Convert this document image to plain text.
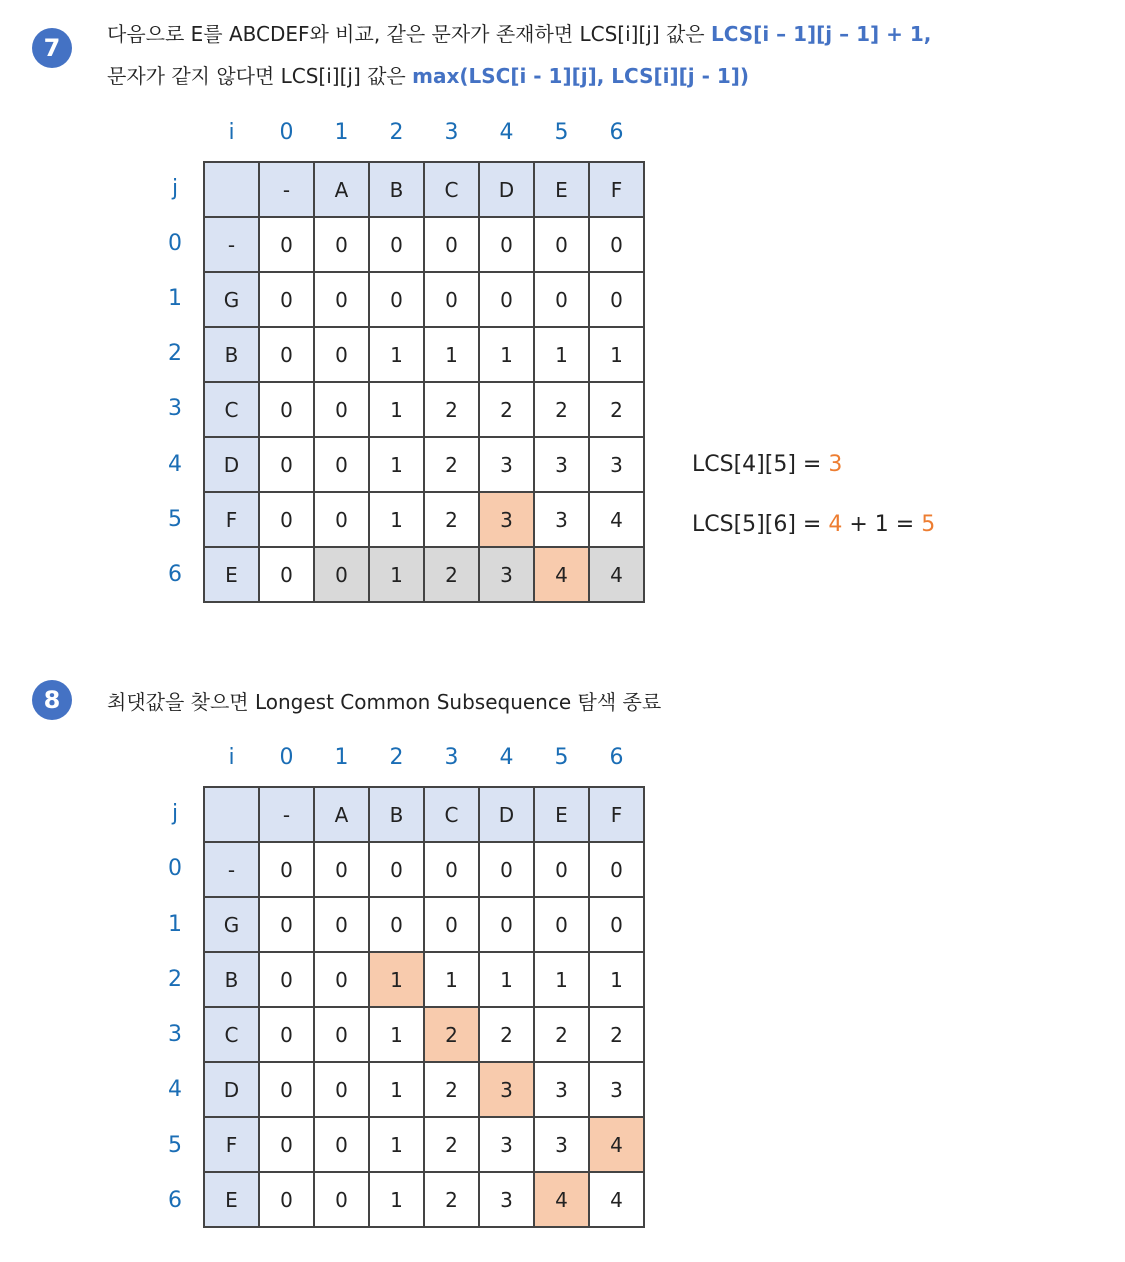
7	다음으로 E를 ABCDEF와 비교, 같은 문자가 존재하면 LCS[i][j] 값은 LCS[i – 1][j – 1] + 1,
문자가 같지 않다면 LCS[i][j] 값은 max(LSC[i - 1][j], LCS[i][j - 1])
i	0	1	2	3	4	5	6
j
0
1
2
3
4
5
6
	-	A	B	C	D	E	F
-	0	0	0	0	0	0	0
G	0	0	0	0	0	0	0
B	0	0	1	1	1	1	1
C	0	0	1	2	2	2	2
D	0	0	1	2	3	3	3
F	0	0	1	2	3	3	4
E	0	0	1	2	3	4	4
LCS[4][5] = 3
LCS[5][6] = 4 + 1 = 5
8	최댓값을 찾으면 Longest Common Subsequence 탐색 종료
i	0	1	2	3	4	5	6
j
0
1
2
3
4
5
6
	-	A	B	C	D	E	F
-	0	0	0	0	0	0	0
G	0	0	0	0	0	0	0
B	0	0	1	1	1	1	1
C	0	0	1	2	2	2	2
D	0	0	1	2	3	3	3
F	0	0	1	2	3	3	4
E	0	0	1	2	3	4	4
